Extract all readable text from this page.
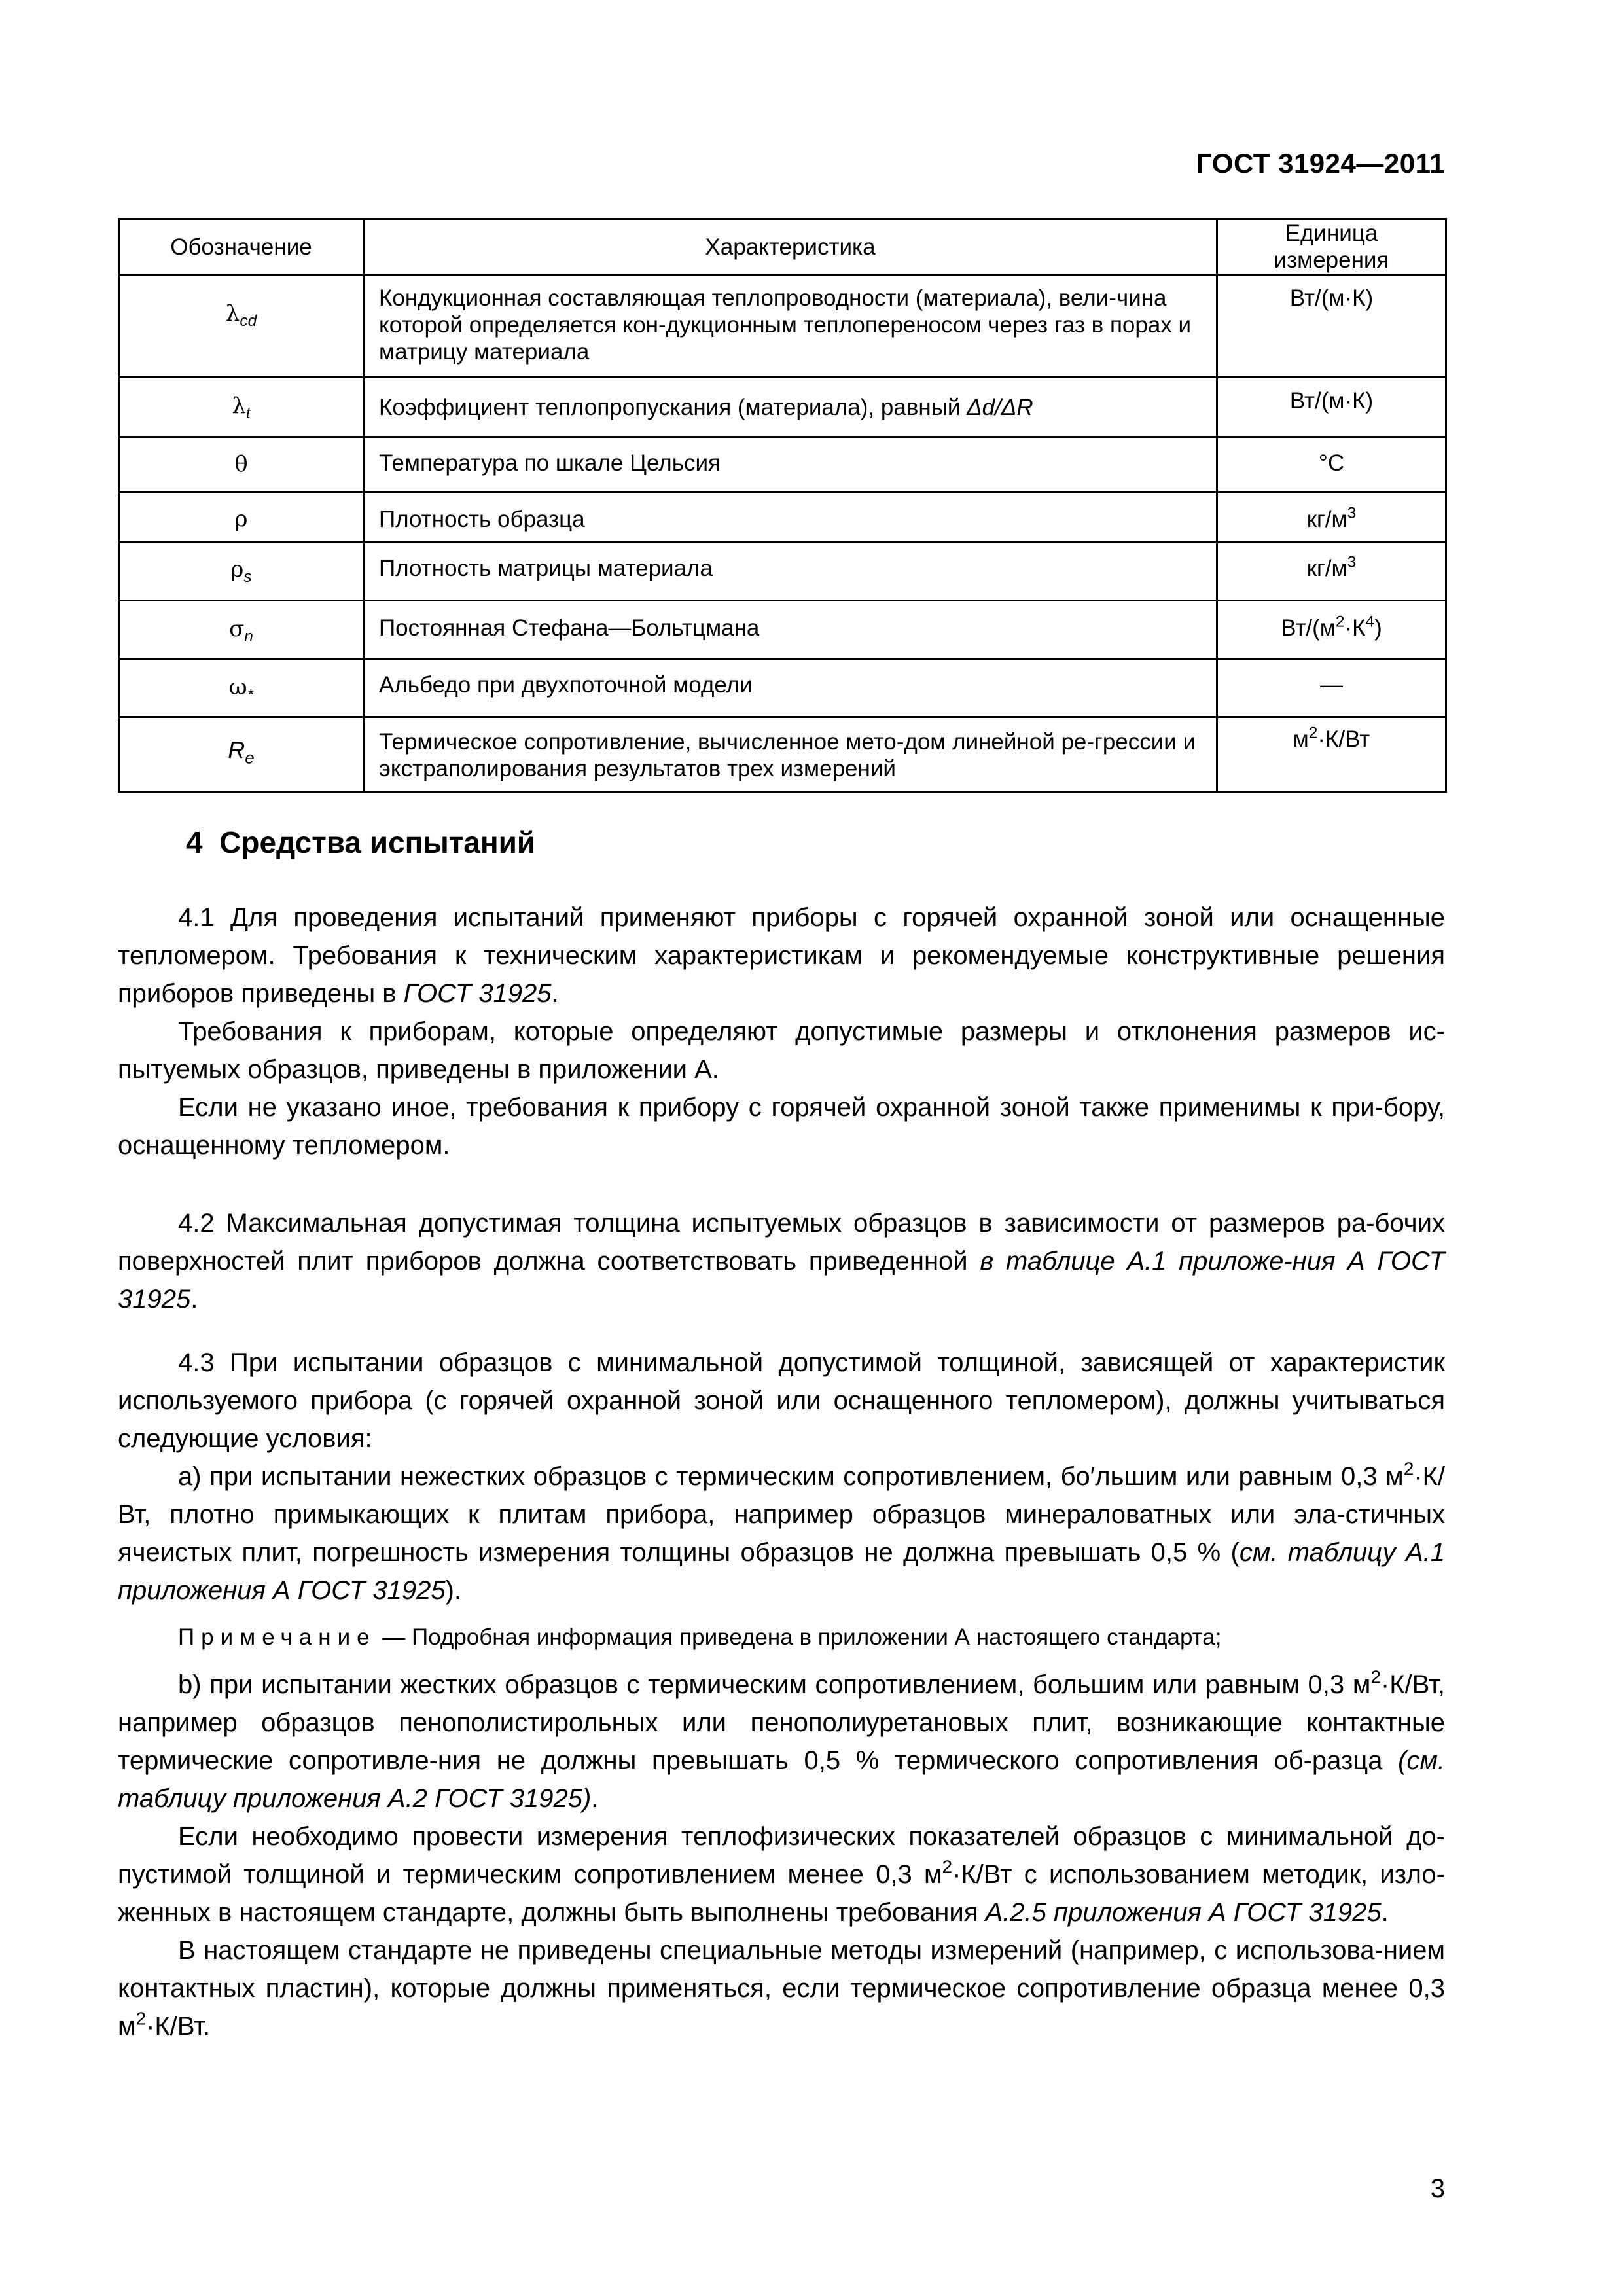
ГОСТ 31924—2011
Обозначение	Характеристика	Единица измерения
$\lambda_{cd}$	Кондукционная составляющая теплопроводности (материала), вели-чина которой определяется кон-дукционным теплопереносом через газ в порах и матрицу материала	Вт/(м·К)
$\lambda_t$	Коэффициент теплопропускания (материала), равный Δd/ΔR	Вт/(м·К)
θ	Температура по шкале Цельсия	°С
ρ	Плотность образца	$кг/м^3$
$\rho_s$	Плотность матрицы материала	$кг/м^3$
$\sigma_n$	Постоянная Стефана—Больтцмана	$Вт/(м^2\cdot К^4)$
$\omega_*$	Альбедо при двухпоточной модели	—
$R_e$	Термическое сопротивление, вычисленное мето-дом линейной ре-грессии и экстраполирования результатов трех измерений	$м^2\cdot К/Вт$
4 Средства испытаний

4.1 Для проведения испытаний применяют приборы с горячей охранной зоной или оснащенные тепломером. Требования к техническим характеристикам и рекомендуемые конструктивные решения приборов приведены в ГОСТ 31925.

Требования к приборам, которые определяют допустимые размеры и отклонения размеров ис-пытуемых образцов, приведены в приложении А.

Если не указано иное, требования к прибору с горячей охранной зоной также применимы к при-бору, оснащенному тепломером.

4.2 Максимальная допустимая толщина испытуемых образцов в зависимости от размеров ра-бочих поверхностей плит приборов должна соответствовать приведенной в таблице А.1 приложе-ния А ГОСТ 31925.

4.3 При испытании образцов с минимальной допустимой толщиной, зависящей от характеристик используемого прибора (с горячей охранной зоной или оснащенного тепломером), должны учитываться следующие условия:

a) при испытании нежестких образцов с термическим сопротивлением, бо′льшим или равным 0,3 $м^2\cdot К/Вт$, плотно примыкающих к плитам прибора, например образцов минераловатных или эла-стичных ячеистых плит, погрешность измерения толщины образцов не должна превышать 0,5 % (см. таблицу А.1 приложения А ГОСТ 31925).

Примечание — Подробная информация приведена в приложении А настоящего стандарта;

b) при испытании жестких образцов с термическим сопротивлением, большим или равным 0,3 $м^2\cdot К/Вт$, например образцов пенополистирольных или пенополиуретановых плит, возникающие контактные термические сопротивле-ния не должны превышать 0,5 % термического сопротивления об-разца (см. таблицу приложения А.2 ГОСТ 31925).

Если необходимо провести измерения теплофизических показателей образцов с минимальной до-пустимой толщиной и термическим сопротивлением менее 0,3 $м^2\cdot К/Вт$ с использованием методик, изло-женных в настоящем стандарте, должны быть выполнены требования А.2.5 приложения А ГОСТ 31925.

В настоящем стандарте не приведены специальные методы измерений (например, с использова-нием контактных пластин), которые должны применяться, если термическое сопротивление образца менее 0,3 $м^2\cdot К/Вт$.

3
